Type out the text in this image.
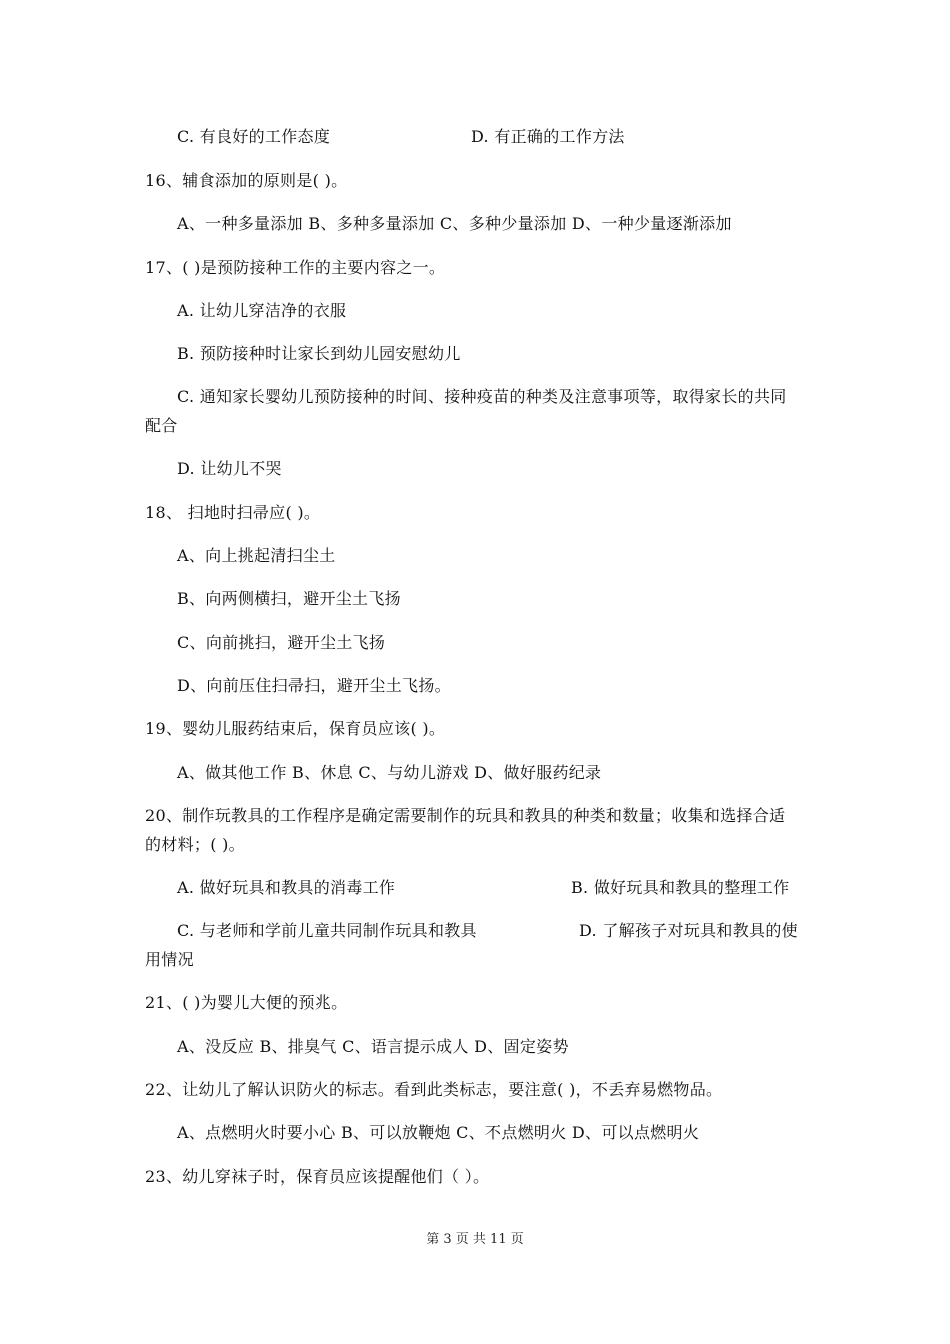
C. 有良好的工作态度	D. 有正确的工作方法
16、辅食添加的原则是( )。
A、一种多量添加 B、多种多量添加 C、多种少量添加 D、一种少量逐渐添加
17、( )是预防接种工作的主要内容之一。
A. 让幼儿穿洁净的衣服
B. 预防接种时让家长到幼儿园安慰幼儿
C. 通知家长婴幼儿预防接种的时间、接种疫苗的种类及注意事项等，取得家长的共同
配合
D. 让幼儿不哭
18、 扫地时扫帚应( )。
A、向上挑起清扫尘土
B、向两侧横扫，避开尘土飞扬
C、向前挑扫，避开尘土飞扬
D、向前压住扫帚扫，避开尘土飞扬。
19、婴幼儿服药结束后，保育员应该( )。
A、做其他工作 B、休息 C、与幼儿游戏 D、做好服药纪录
20、制作玩教具的工作程序是确定需要制作的玩具和教具的种类和数量；收集和选择合适
的材料；( )。
A. 做好玩具和教具的消毒工作	B. 做好玩具和教具的整理工作
C. 与老师和学前儿童共同制作玩具和教具	D. 了解孩子对玩具和教具的使
用情况
21、( )为婴儿大便的预兆。
A、没反应 B、排臭气 C、语言提示成人 D、固定姿势
22、让幼儿了解认识防火的标志。看到此类标志，要注意( )，不丢弃易燃物品。
A、点燃明火时要小心 B、可以放鞭炮 C、不点燃明火 D、可以点燃明火
23、幼儿穿袜子时，保育员应该提醒他们（ ）。
第 3 页 共 11 页
